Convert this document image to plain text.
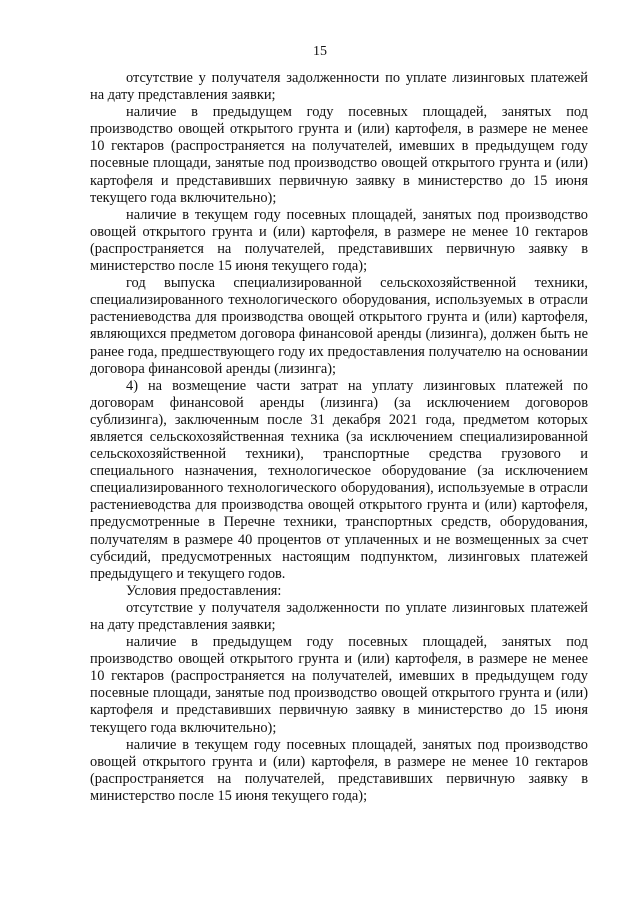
15

отсутствие у получателя задолженности по уплате лизинговых платежей на дату представления заявки;

наличие в предыдущем году посевных площадей, занятых под производство овощей открытого грунта и (или) картофеля, в размере не менее 10 гектаров (распространяется на получателей, имевших в предыдущем году посевные площади, занятые под производство овощей открытого грунта и (или) картофеля и представивших первичную заявку в министерство до 15 июня текущего года включительно);

наличие в текущем году посевных площадей, занятых под производство овощей открытого грунта и (или) картофеля, в размере не менее 10 гектаров (распространяется на получателей, представивших первичную заявку в министерство после 15 июня текущего года);

год выпуска специализированной сельскохозяйственной техники, специализированного технологического оборудования, используемых в отрасли растениеводства для производства овощей открытого грунта и (или) картофеля, являющихся предметом договора финансовой аренды (лизинга), должен быть не ранее года, предшествующего году их предоставления получателю на основании договора финансовой аренды (лизинга);

4) на возмещение части затрат на уплату лизинговых платежей по договорам финансовой аренды (лизинга) (за исключением договоров сублизинга), заключенным после 31 декабря 2021 года, предметом которых является сельскохозяйственная техника (за исключением специализированной сельскохозяйственной техники), транспортные средства грузового и специального назначения, технологическое оборудование (за исключением специализированного технологического оборудования), используемые в отрасли растениеводства для производства овощей открытого грунта и (или) картофеля, предусмотренные в Перечне техники, транспортных средств, оборудования, получателям в размере 40 процентов от уплаченных и не возмещенных за счет субсидий, предусмотренных настоящим подпунктом, лизинговых платежей предыдущего и текущего годов.

Условия предоставления:

отсутствие у получателя задолженности по уплате лизинговых платежей на дату представления заявки;

наличие в предыдущем году посевных площадей, занятых под производство овощей открытого грунта и (или) картофеля, в размере не менее 10 гектаров (распространяется на получателей, имевших в предыдущем году посевные площади, занятые под производство овощей открытого грунта и (или) картофеля и представивших первичную заявку в министерство до 15 июня текущего года включительно);

наличие в текущем году посевных площадей, занятых под производство овощей открытого грунта и (или) картофеля, в размере не менее 10 гектаров (распространяется на получателей, представивших первичную заявку в министерство после 15 июня текущего года);
